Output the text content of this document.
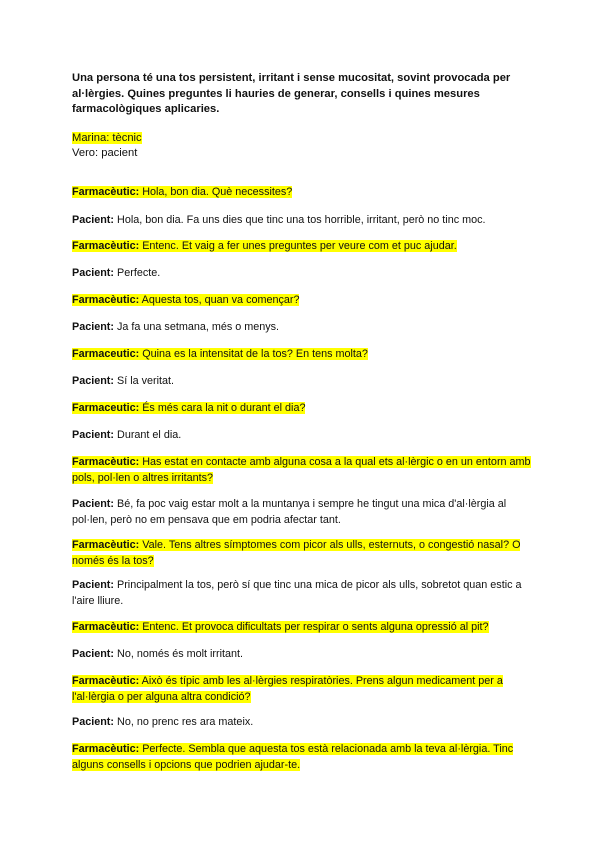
Una persona té una tos persistent, irritant i sense mucositat, sovint provocada per al·lèrgies. Quines preguntes li hauries de generar, consells i quines mesures farmacològiques aplicaries.

Marina: tècnic
Vero: pacient

Farmacèutic: Hola, bon dia. Què necessites?

Pacient: Hola, bon dia. Fa uns dies que tinc una tos horrible, irritant, però no tinc moc.

Farmacèutic: Entenc. Et vaig a fer unes preguntes per veure com et puc ajudar.

Pacient: Perfecte.

Farmacèutic: Aquesta tos, quan va començar?

Pacient: Ja fa una setmana, més o menys.

Farmaceutic: Quina es la intensitat de la tos? En tens molta?

Pacient: Sí la veritat.

Farmaceutic: És més cara la nit o durant el dia?

Pacient: Durant el dia.

Farmacèutic: Has estat en contacte amb alguna cosa a la qual ets al·lèrgic o en un entorn amb pols, pol·len o altres irritants?

Pacient: Bé, fa poc vaig estar molt a la muntanya i sempre he tingut una mica d'al·lèrgia al pol·len, però no em pensava que em podria afectar tant.

Farmacèutic: Vale. Tens altres símptomes com picor als ulls, esternuts, o congestió nasal? O només és la tos?

Pacient: Principalment la tos, però sí que tinc una mica de picor als ulls, sobretot quan estic a l'aire lliure.

Farmacèutic: Entenc. Et provoca dificultats per respirar o sents alguna opressió al pit?

Pacient: No, només és molt irritant.

Farmacèutic: Això és típic amb les al·lèrgies respiratòries. Prens algun medicament per a l'al·lèrgia o per alguna altra condició?

Pacient: No, no prenc res ara mateix.

Farmacèutic: Perfecte. Sembla que aquesta tos està relacionada amb la teva al·lèrgia. Tinc alguns consells i opcions que podrien ajudar-te.
